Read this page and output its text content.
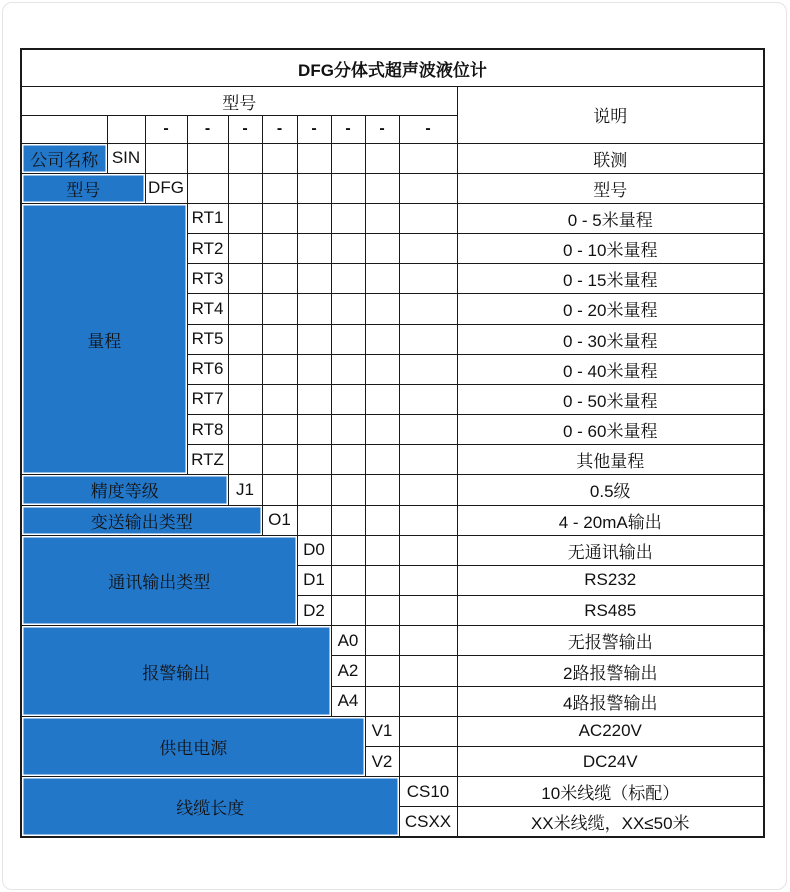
DFG分体式超声波液位计										
型号										说明
		-	-	-	-	-	-	-	-	
公司名称	SIN									联测
型号		DFG								型号
量程			RT1							0 - 5米量程
			RT2							0 - 10米量程
			RT3							0 - 15米量程
			RT4							0 - 20米量程
			RT5							0 - 30米量程
			RT6							0 - 40米量程
			RT7							0 - 50米量程
			RT8							0 - 60米量程
			RTZ							其他量程
精度等级				J1						0.5级
变送输出类型					O1					4 - 20mA输出
通讯输出类型						D0				无通讯输出
						D1				RS232
						D2				RS485
报警输出							A0			无报警输出
							A2			2路报警输出
							A4			4路报警输出
供电电源								V1		AC220V
								V2		DC24V
线缆长度									CS10	10米线缆（标配）
									CSXX	XX米线缆，XX≤50米
